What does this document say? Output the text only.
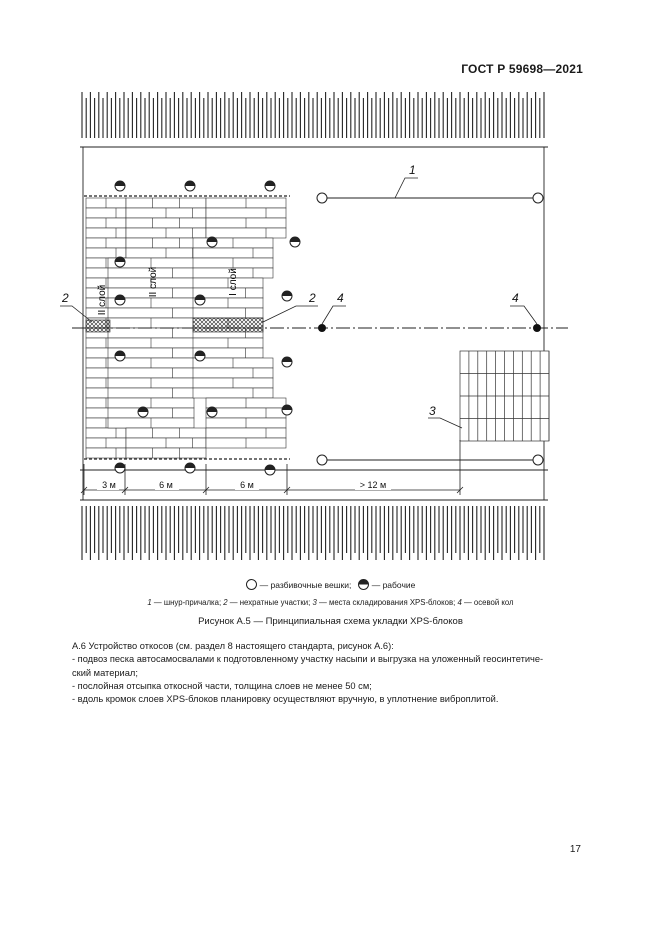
ГОСТ Р 59698—2021
II слой
II слой	I слой
1
2	2
3
4	4
3 м	6 м	6 м	> 12 м
— разбивочные вешки; — рабочие
1 — шнур-причалка; 2 — нехратные участки; 3 — места складирования XPS-блоков; 4 — осевой кол
Рисунок А.5 — Принципиальная схема укладки XPS-блоков

А.6 Устройство откосов (см. раздел 8 настоящего стандарта, рисунок А.6):

- подвоз песка автосамосвалами к подготовленному участку насыпи и выгрузка на уложенный геосинтетиче-

ский материал;

- послойная отсыпка откосной части, толщина слоев не менее 50 см;

- вдоль кромок слоев XPS-блоков планировку осуществляют вручную, в уплотнение виброплитой.

17
